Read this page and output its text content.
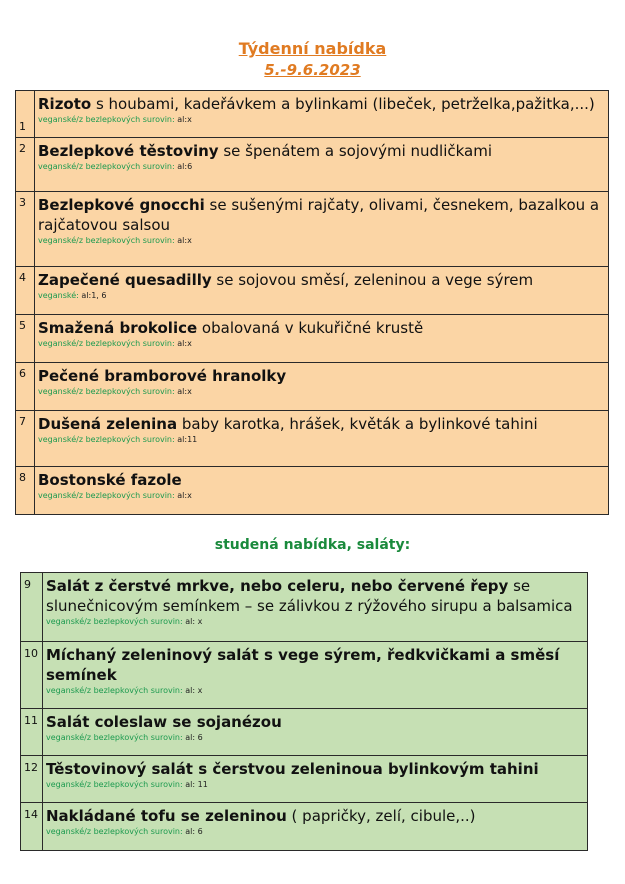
Týdenní nabídka
5.-9.6.2023
1	Rizoto s houbami, kadeřávkem a bylinkami (libeček, petrželka,pažitka,...)
veganské/z bezlepkových surovin: al:x

2	Bezlepkové těstoviny se špenátem a sojovými nudličkami
veganské/z bezlepkových surovin: al:6

3	Bezlepkové gnocchi se sušenými rajčaty, olivami, česnekem, bazalkou a rajčatovou salsou
veganské/z bezlepkových surovin: al:x

4	Zapečené quesadilly se sojovou směsí, zeleninou a vege sýrem
veganské: al:1, 6

5	Smažená brokolice obalovaná v kukuřičné krustě
veganské/z bezlepkových surovin: al:x

6	Pečené bramborové hranolky
veganské/z bezlepkových surovin: al:x

7	Dušená zelenina baby karotka, hrášek, květák a bylinkové tahini
veganské/z bezlepkových surovin: al:11

8	Bostonské fazole
veganské/z bezlepkových surovin: al:x
studená nabídka, saláty:
9	Salát z čerstvé mrkve, nebo celeru, nebo červené řepy se slunečnicovým semínkem – se zálivkou z rýžového sirupu a balsamica
veganské/z bezlepkových surovin: al: x

10	Míchaný zeleninový salát s vege sýrem, ředkvičkami a směsí semínek
veganské/z bezlepkových surovin: al: x

11	Salát coleslaw se sojanézou
veganské/z bezlepkových surovin: al: 6

12	Těstovinový salát s čerstvou zeleninoua bylinkovým tahini
veganské/z bezlepkových surovin: al: 11

14	Nakládané tofu se zeleninou ( papričky, zelí, cibule,..)
veganské/z bezlepkových surovin: al: 6
